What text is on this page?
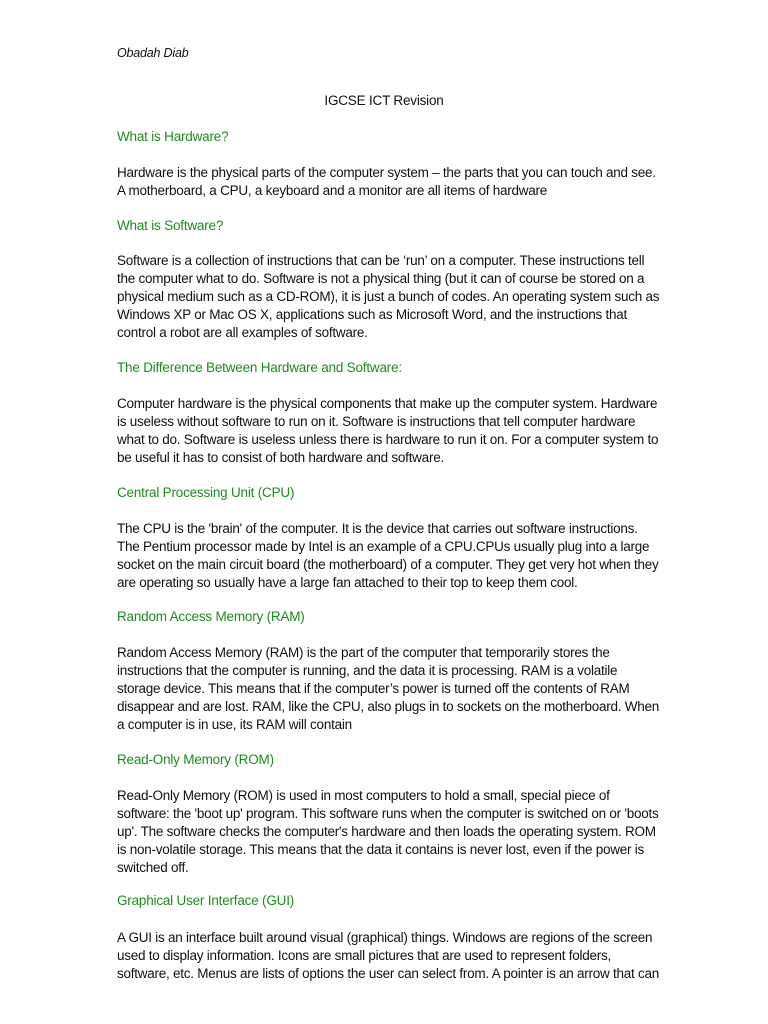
Obadah Diab
IGCSE ICT Revision
What is Hardware?

Hardware is the physical parts of the computer system – the parts that you can touch and see.
A motherboard, a CPU, a keyboard and a monitor are all items of hardware

What is Software?

Software is a collection of instructions that can be ‘run’ on a computer. These instructions tell
the computer what to do. Software is not a physical thing (but it can of course be stored on a
physical medium such as a CD-ROM), it is just a bunch of codes. An operating system such as
Windows XP or Mac OS X, applications such as Microsoft Word, and the instructions that
control a robot are all examples of software.

The Difference Between Hardware and Software:

Computer hardware is the physical components that make up the computer system. Hardware
is useless without software to run on it. Software is instructions that tell computer hardware
what to do. Software is useless unless there is hardware to run it on. For a computer system to
be useful it has to consist of both hardware and software.

Central Processing Unit (CPU)

The CPU is the 'brain' of the computer. It is the device that carries out software instructions.
The Pentium processor made by Intel is an example of a CPU.CPUs usually plug into a large
socket on the main circuit board (the motherboard) of a computer. They get very hot when they
are operating so usually have a large fan attached to their top to keep them cool.

Random Access Memory (RAM)

Random Access Memory (RAM) is the part of the computer that temporarily stores the
instructions that the computer is running, and the data it is processing. RAM is a volatile
storage device. This means that if the computer’s power is turned off the contents of RAM
disappear and are lost. RAM, like the CPU, also plugs in to sockets on the motherboard. When
a computer is in use, its RAM will contain

Read-Only Memory (ROM)

Read-Only Memory (ROM) is used in most computers to hold a small, special piece of
software: the 'boot up' program. This software runs when the computer is switched on or 'boots
up'. The software checks the computer's hardware and then loads the operating system. ROM
is non-volatile storage. This means that the data it contains is never lost, even if the power is
switched off.

Graphical User Interface (GUI)

A GUI is an interface built around visual (graphical) things. Windows are regions of the screen
used to display information. Icons are small pictures that are used to represent folders,
software, etc. Menus are lists of options the user can select from. A pointer is an arrow that can
